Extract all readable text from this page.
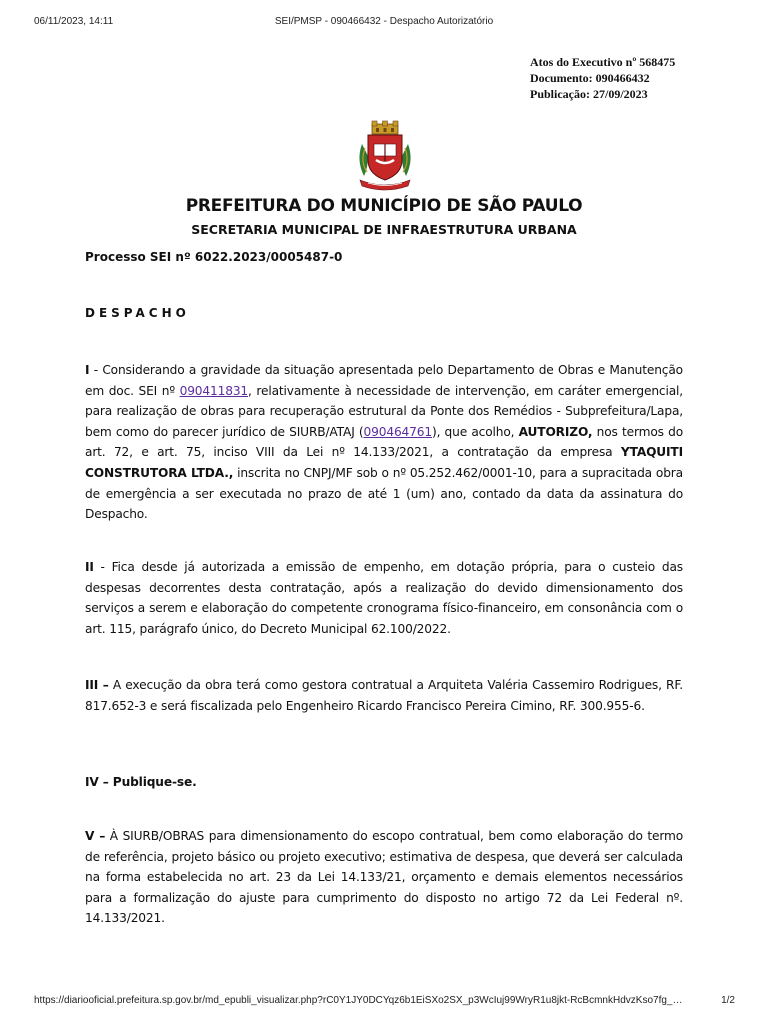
06/11/2023, 14:11	SEI/PMSP - 090466432 - Despacho Autorizatório
Atos do Executivo nº 568475
Documento: 090466432
Publicação: 27/09/2023
PREFEITURA DO MUNICÍPIO DE SÃO PAULO
SECRETARIA MUNICIPAL DE INFRAESTRUTURA URBANA
Processo SEI nº 6022.2023/0005487-0
DESPACHO
I - Considerando a gravidade da situação apresentada pelo Departamento de Obras e Manutenção em doc. SEI nº 090411831, relativamente à necessidade de intervenção, em caráter emergencial, para realização de obras para recuperação estrutural da Ponte dos Remédios - Subprefeitura/Lapa, bem como do parecer jurídico de SIURB/ATAJ (090464761), que acolho, AUTORIZO, nos termos do art. 72, e art. 75, inciso VIII da Lei nº 14.133/2021, a contratação da empresa YTAQUITI CONSTRUTORA LTDA., inscrita no CNPJ/MF sob o nº 05.252.462/0001-10, para a supracitada obra de emergência a ser executada no prazo de até 1 (um) ano, contado da data da assinatura do Despacho.
II - Fica desde já autorizada a emissão de empenho, em dotação própria, para o custeio das despesas decorrentes desta contratação, após a realização do devido dimensionamento dos serviços a serem e elaboração do competente cronograma físico-financeiro, em consonância com o art. 115, parágrafo único, do Decreto Municipal 62.100/2022.
III – A execução da obra terá como gestora contratual a Arquiteta Valéria Cassemiro Rodrigues, RF. 817.652-3 e será fiscalizada pelo Engenheiro Ricardo Francisco Pereira Cimino, RF. 300.955-6.
IV – Publique-se.
V – À SIURB/OBRAS para dimensionamento do escopo contratual, bem como elaboração do termo de referência, projeto básico ou projeto executivo; estimativa de despesa, que deverá ser calculada na forma estabelecida no art. 23 da Lei 14.133/21, orçamento e demais elementos necessários para a formalização do ajuste para cumprimento do disposto no artigo 72 da Lei Federal nº. 14.133/2021.
https://diariooficial.prefeitura.sp.gov.br/md_epubli_visualizar.php?rC0Y1JY0DCYqz6b1EiSXo2SX_p3WcIuj99WryR1u8jkt-RcBcmnkHdvzKso7fg_…	1/2
